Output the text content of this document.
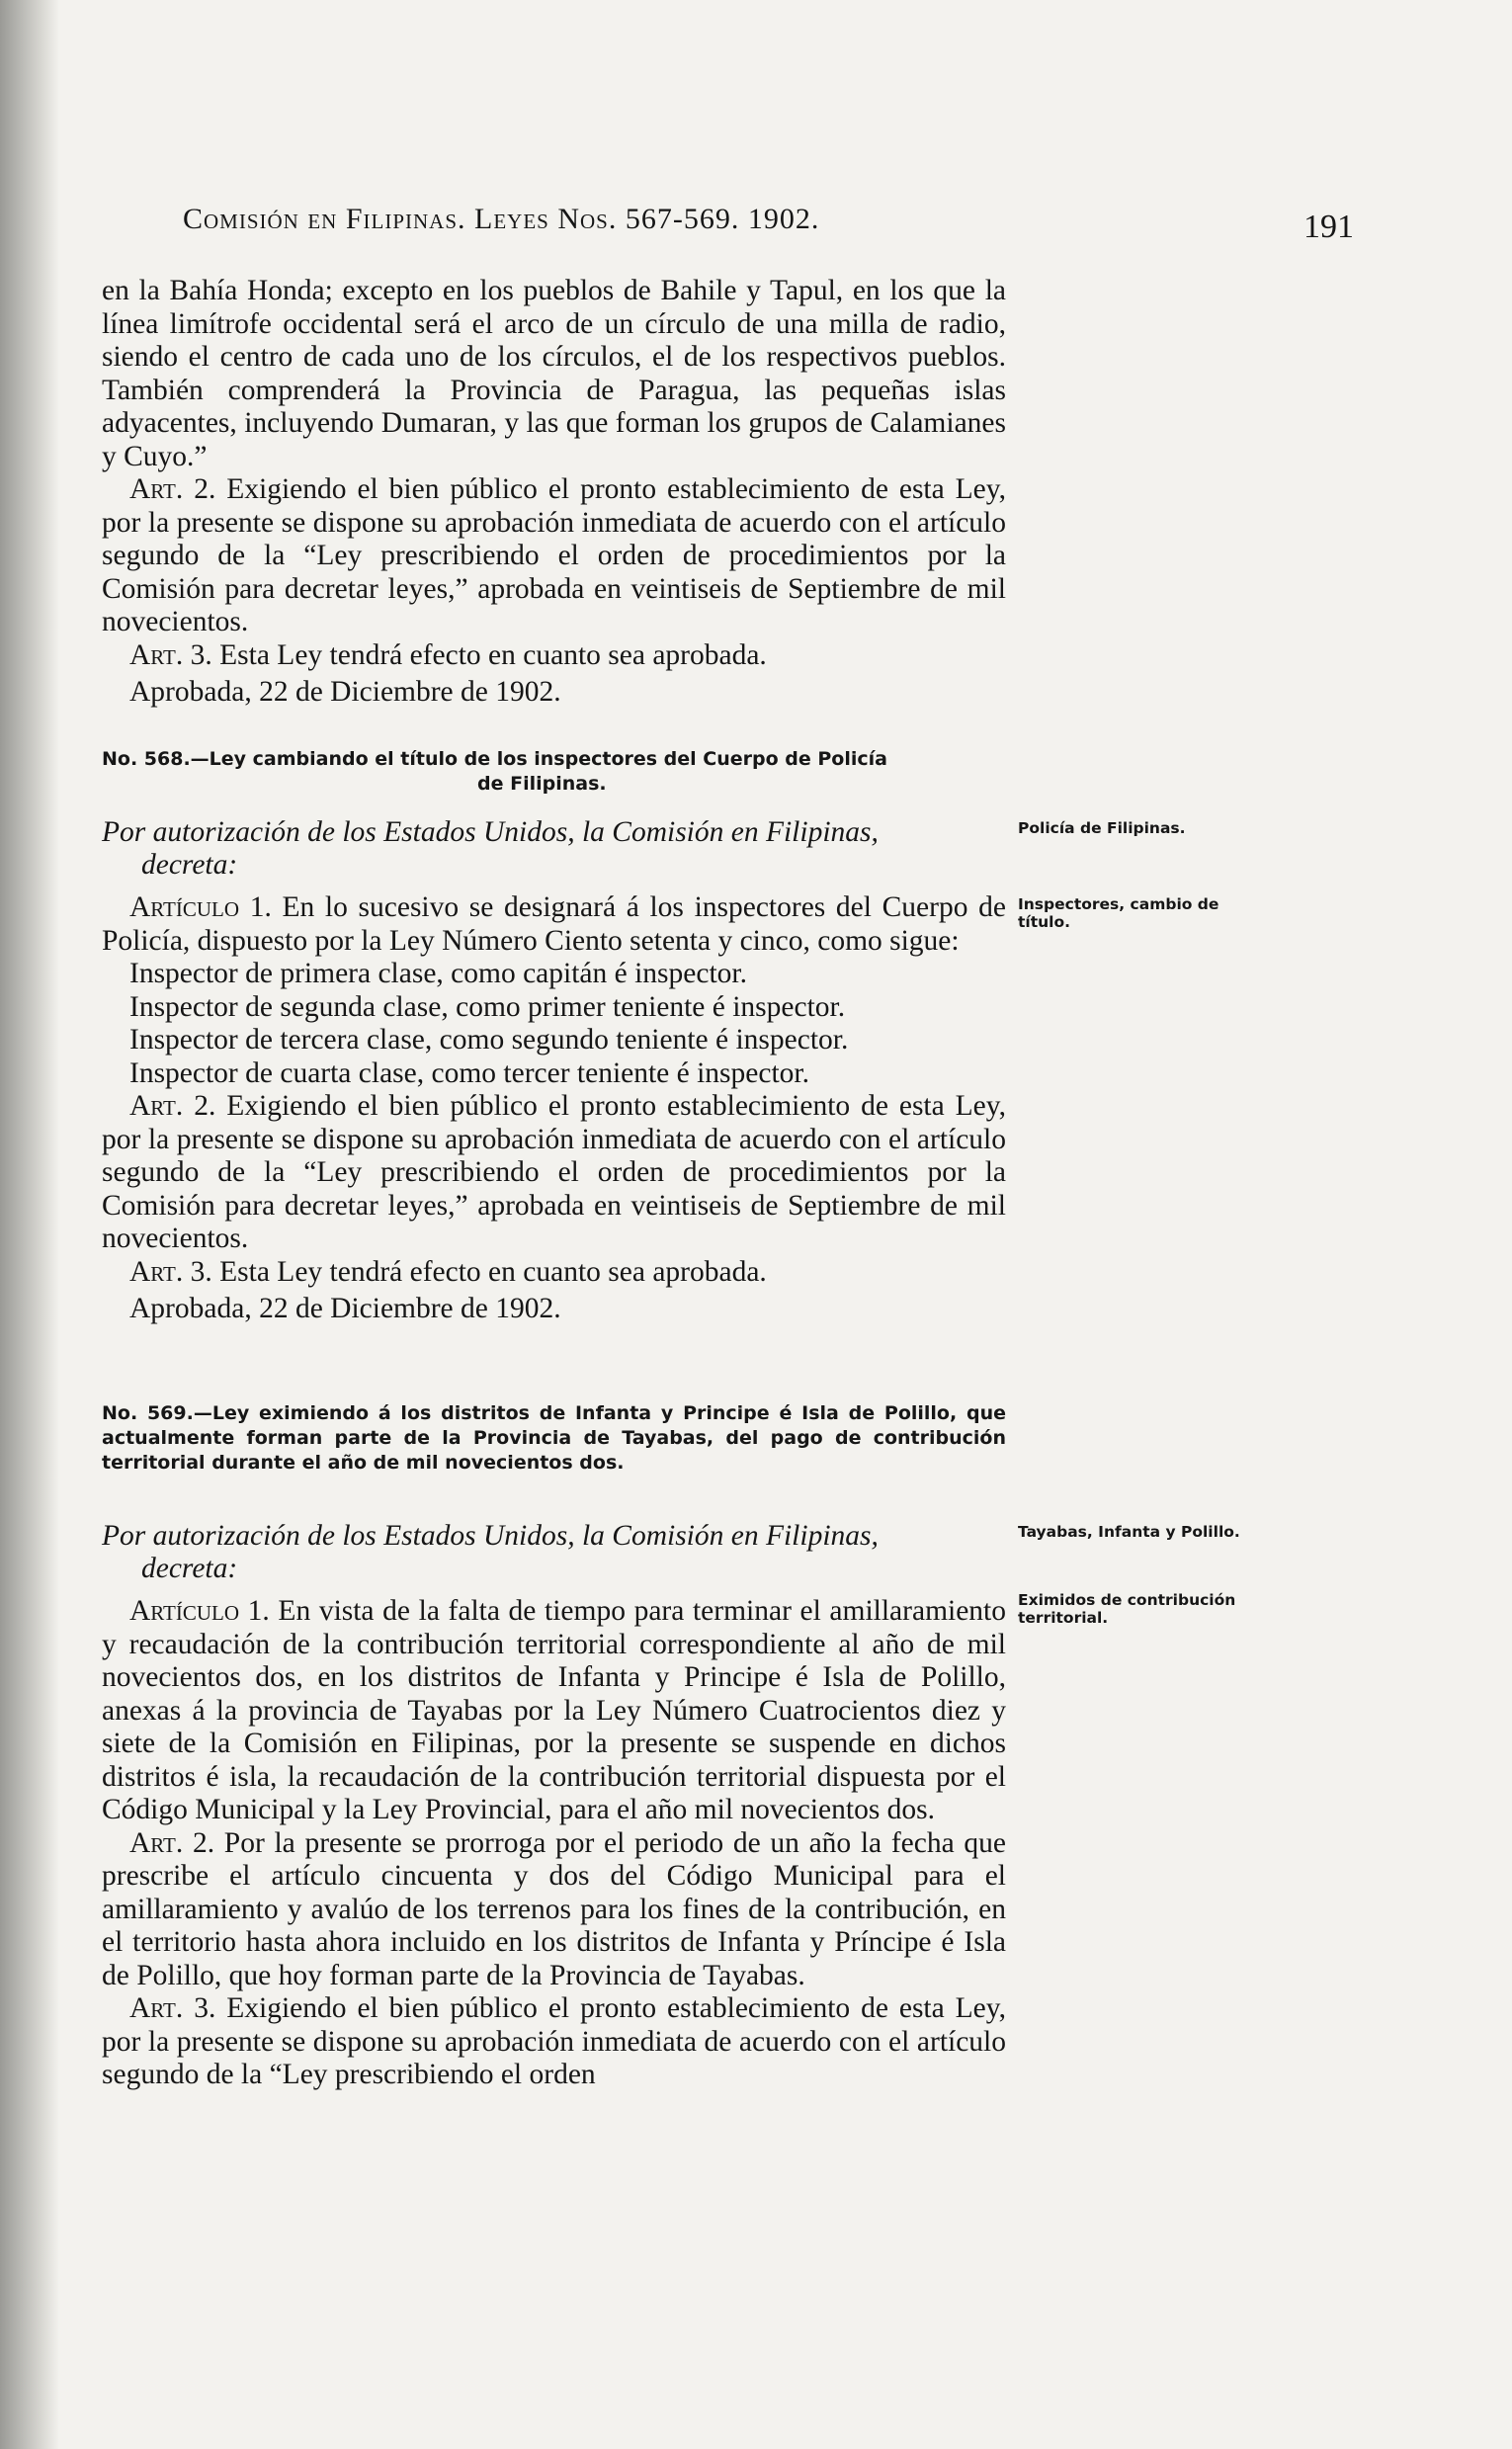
Comisión en Filipinas. Leyes Nos. 567-569. 1902.	191

en la Bahía Honda; excepto en los pueblos de Bahile y Tapul, en los que la línea limítrofe occidental será el arco de un círculo de una milla de radio, siendo el centro de cada uno de los círculos, el de los respectivos pueblos. También comprenderá la Provincia de Paragua, las pequeñas islas adyacentes, incluyendo Dumaran, y las que forman los grupos de Calamianes y Cuyo.”

Art. 2. Exigiendo el bien público el pronto establecimiento de esta Ley, por la presente se dispone su aprobación inmediata de acuerdo con el artículo segundo de la “Ley prescribiendo el orden de procedimientos por la Comisión para decretar leyes,” aprobada en veintiseis de Septiembre de mil novecientos.

Art. 3. Esta Ley tendrá efecto en cuanto sea aprobada.

Aprobada, 22 de Diciembre de 1902.

No. 568.—Ley cambiando el título de los inspectores del Cuerpo de Policía
de Filipinas.

Por autorización de los Estados Unidos, la Comisión en Filipinas,
decreta:

Policía de Filipinas.
Inspectores, cambio de título.

Artículo 1. En lo sucesivo se designará á los inspectores del Cuerpo de Policía, dispuesto por la Ley Número Ciento setenta y cinco, como sigue:

Inspector de primera clase, como capitán é inspector.

Inspector de segunda clase, como primer teniente é inspector.

Inspector de tercera clase, como segundo teniente é inspector.

Inspector de cuarta clase, como tercer teniente é inspector.

Art. 2. Exigiendo el bien público el pronto establecimiento de esta Ley, por la presente se dispone su aprobación inmediata de acuerdo con el artículo segundo de la “Ley prescribiendo el orden de procedimientos por la Comisión para decretar leyes,” aprobada en veintiseis de Septiembre de mil novecientos.

Art. 3. Esta Ley tendrá efecto en cuanto sea aprobada.

Aprobada, 22 de Diciembre de 1902.

No. 569.—Ley eximiendo á los distritos de Infanta y Principe é Isla de Polillo, que actualmente forman parte de la Provincia de Tayabas, del pago de contribución territorial durante el año de mil novecientos dos.

Por autorización de los Estados Unidos, la Comisión en Filipinas,
decreta:

Tayabas, Infanta y Polillo.
Eximidos de contribución territorial.

Artículo 1. En vista de la falta de tiempo para terminar el amillaramiento y recaudación de la contribución territorial correspondiente al año de mil novecientos dos, en los distritos de Infanta y Principe é Isla de Polillo, anexas á la provincia de Tayabas por la Ley Número Cuatrocientos diez y siete de la Comisión en Filipinas, por la presente se suspende en dichos distritos é isla, la recaudación de la contribución territorial dispuesta por el Código Municipal y la Ley Provincial, para el año mil novecientos dos.

Art. 2. Por la presente se prorroga por el periodo de un año la fecha que prescribe el artículo cincuenta y dos del Código Municipal para el amillaramiento y avalúo de los terrenos para los fines de la contribución, en el territorio hasta ahora incluido en los distritos de Infanta y Príncipe é Isla de Polillo, que hoy forman parte de la Provincia de Tayabas.

Art. 3. Exigiendo el bien público el pronto establecimiento de esta Ley, por la presente se dispone su aprobación inmediata de acuerdo con el artículo segundo de la “Ley prescribiendo el orden
